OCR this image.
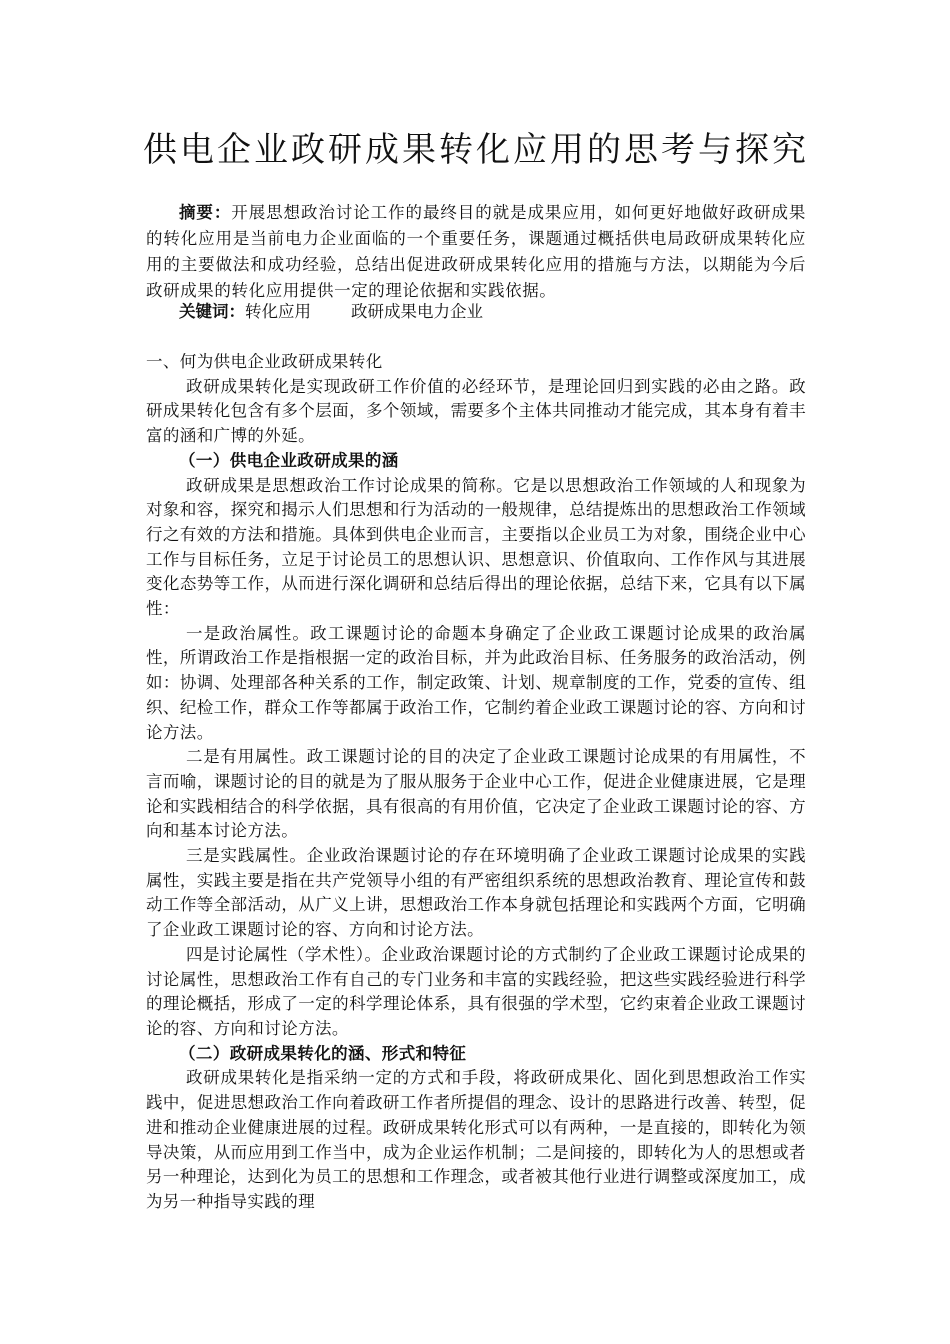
供电企业政研成果转化应用的思考与探究

摘要：开展思想政治讨论工作的最终目的就是成果应用，如何更好地做好政研成果的转化应用是当前电力企业面临的一个重要任务，课题通过概括供电局政研成果转化应用的主要做法和成功经验，总结出促进政研成果转化应用的措施与方法，以期能为今后政研成果的转化应用提供一定的理论依据和实践依据。

关键词：转化应用 政研成果电力企业

一、何为供电企业政研成果转化

政研成果转化是实现政研工作价值的必经环节，是理论回归到实践的必由之路。政研成果转化包含有多个层面，多个领域，需要多个主体共同推动才能完成，其本身有着丰富的涵和广博的外延。

（一）供电企业政研成果的涵

政研成果是思想政治工作讨论成果的简称。它是以思想政治工作领域的人和现象为对象和容，探究和揭示人们思想和行为活动的一般规律，总结提炼出的思想政治工作领域行之有效的方法和措施。具体到供电企业而言，主要指以企业员工为对象，围绕企业中心工作与目标任务，立足于讨论员工的思想认识、思想意识、价值取向、工作作风与其进展变化态势等工作，从而进行深化调研和总结后得出的理论依据，总结下来，它具有以下属性：

一是政治属性。政工课题讨论的命题本身确定了企业政工课题讨论成果的政治属性，所谓政治工作是指根据一定的政治目标，并为此政治目标、任务服务的政治活动，例如：协调、处理部各种关系的工作，制定政策、计划、规章制度的工作，党委的宣传、组织、纪检工作，群众工作等都属于政治工作，它制约着企业政工课题讨论的容、方向和讨论方法。

二是有用属性。政工课题讨论的目的决定了企业政工课题讨论成果的有用属性，不言而喻，课题讨论的目的就是为了服从服务于企业中心工作，促进企业健康进展，它是理论和实践相结合的科学依据，具有很高的有用价值，它决定了企业政工课题讨论的容、方向和基本讨论方法。

三是实践属性。企业政治课题讨论的存在环境明确了企业政工课题讨论成果的实践属性，实践主要是指在共产党领导小组的有严密组织系统的思想政治教育、理论宣传和鼓动工作等全部活动，从广义上讲，思想政治工作本身就包括理论和实践两个方面，它明确了企业政工课题讨论的容、方向和讨论方法。

四是讨论属性（学术性）。企业政治课题讨论的方式制约了企业政工课题讨论成果的讨论属性，思想政治工作有自己的专门业务和丰富的实践经验，把这些实践经验进行科学的理论概括，形成了一定的科学理论体系，具有很强的学术型，它约束着企业政工课题讨论的容、方向和讨论方法。

（二）政研成果转化的涵、形式和特征

政研成果转化是指采纳一定的方式和手段，将政研成果化、固化到思想政治工作实践中，促进思想政治工作向着政研工作者所提倡的理念、设计的思路进行改善、转型，促进和推动企业健康进展的过程。政研成果转化形式可以有两种，一是直接的，即转化为领导决策，从而应用到工作当中，成为企业运作机制；二是间接的，即转化为人的思想或者另一种理论，达到化为员工的思想和工作理念，或者被其他行业进行调整或深度加工，成为另一种指导实践的理
